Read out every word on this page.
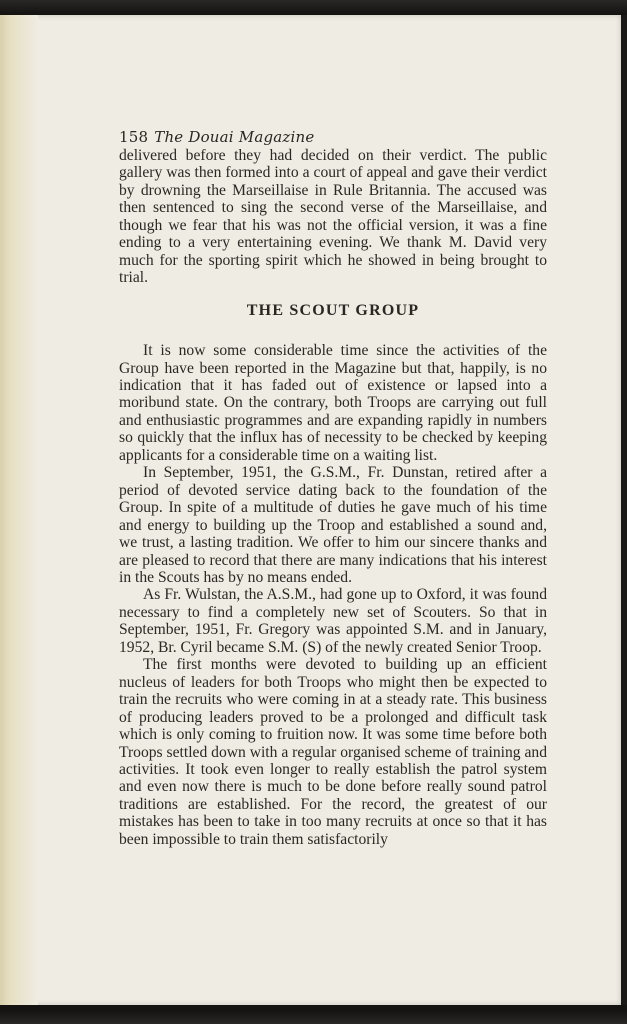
158 The Douai Magazine

delivered before they had decided on their verdict. The public gallery was then formed into a court of appeal and gave their verdict by drowning the Marseillaise in Rule Britannia. The accused was then sentenced to sing the second verse of the Marseillaise, and though we fear that his was not the official version, it was a fine ending to a very entertaining evening. We thank M. David very much for the sporting spirit which he showed in being brought to trial.

THE SCOUT GROUP

It is now some considerable time since the activities of the Group have been reported in the Magazine but that, happily, is no indication that it has faded out of existence or lapsed into a moribund state. On the contrary, both Troops are carrying out full and enthusiastic programmes and are expanding rapidly in numbers so quickly that the influx has of necessity to be checked by keeping applicants for a considerable time on a waiting list.

In September, 1951, the G.S.M., Fr. Dunstan, retired after a period of devoted service dating back to the foundation of the Group. In spite of a multitude of duties he gave much of his time and energy to building up the Troop and established a sound and, we trust, a lasting tradition. We offer to him our sincere thanks and are pleased to record that there are many indications that his interest in the Scouts has by no means ended.

As Fr. Wulstan, the A.S.M., had gone up to Oxford, it was found necessary to find a completely new set of Scouters. So that in September, 1951, Fr. Gregory was appointed S.M. and in January, 1952, Br. Cyril became S.M. (S) of the newly created Senior Troop.

The first months were devoted to building up an efficient nucleus of leaders for both Troops who might then be expected to train the recruits who were coming in at a steady rate. This business of producing leaders proved to be a prolonged and difficult task which is only coming to fruition now. It was some time before both Troops settled down with a regular organised scheme of training and activities. It took even longer to really establish the patrol system and even now there is much to be done before really sound patrol traditions are established. For the record, the greatest of our mistakes has been to take in too many recruits at once so that it has been impossible to train them satisfactorily
